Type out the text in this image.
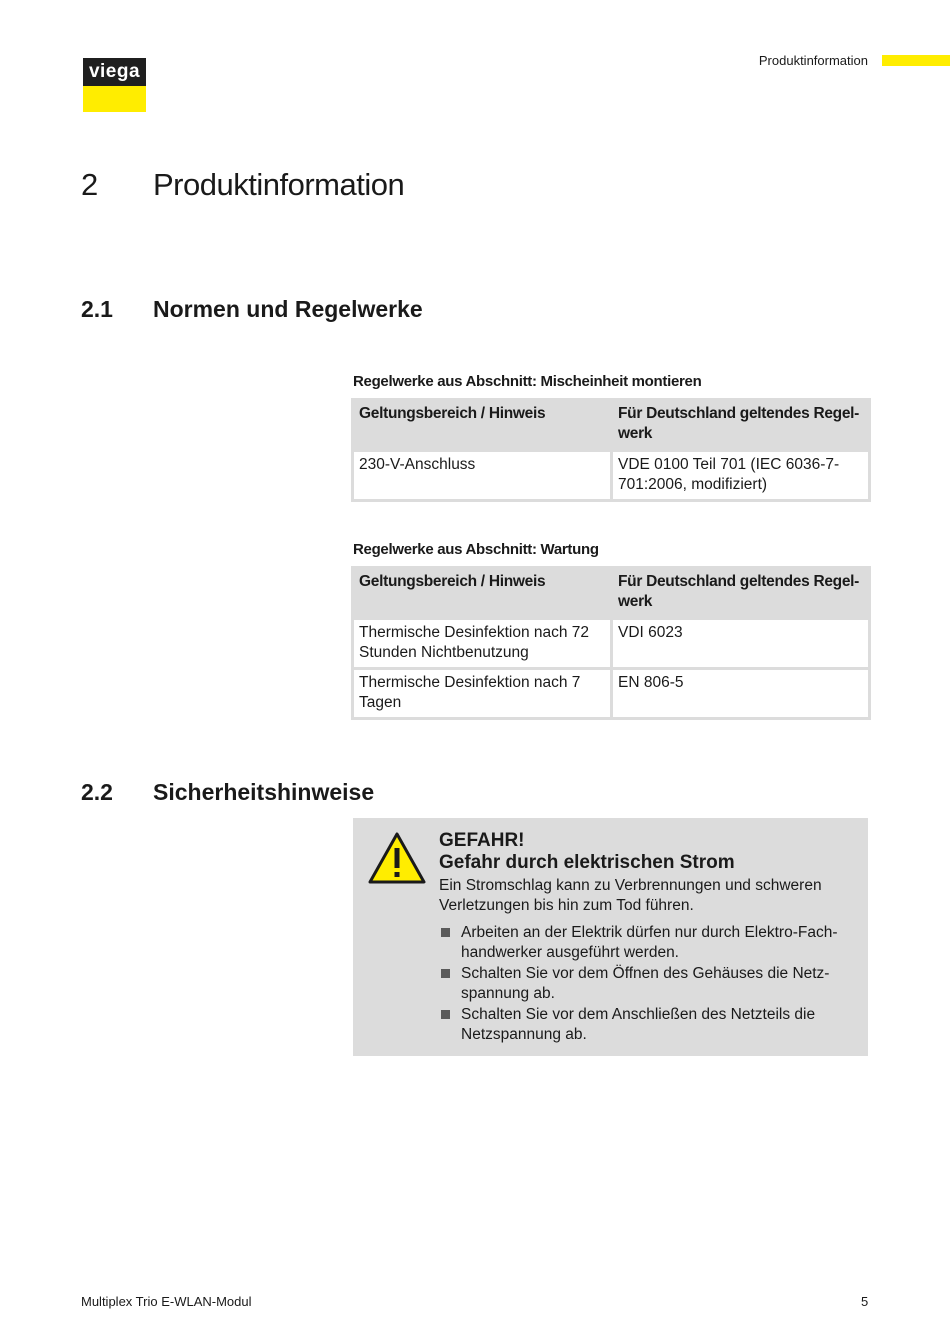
viega
Produktinformation
2 Produktinformation
2.1 Normen und Regelwerke
Regelwerke aus Abschnitt: Mischeinheit montieren
Geltungsbereich / Hinweis	Für Deutschland geltendes Regel-werk
230-V-Anschluss	VDE 0100 Teil 701 (IEC 6036-7-701:2006, modifiziert)
Regelwerke aus Abschnitt: Wartung
Geltungsbereich / Hinweis	Für Deutschland geltendes Regel-werk
Thermische Desinfektion nach 72 Stunden Nichtbenutzung	VDI 6023
Thermische Desinfektion nach 7 Tagen	EN 806-5
2.2 Sicherheitshinweise
GEFAHR!
Gefahr durch elektrischen Strom
Ein Stromschlag kann zu Verbrennungen und schweren Verletzungen bis hin zum Tod führen.
Arbeiten an der Elektrik dürfen nur durch Elektro-Fach-handwerker ausgeführt werden.
Schalten Sie vor dem Öffnen des Gehäuses die Netz-spannung ab.
Schalten Sie vor dem Anschließen des Netzteils die Netzspannung ab.
Multiplex Trio E-WLAN-Modul	5
